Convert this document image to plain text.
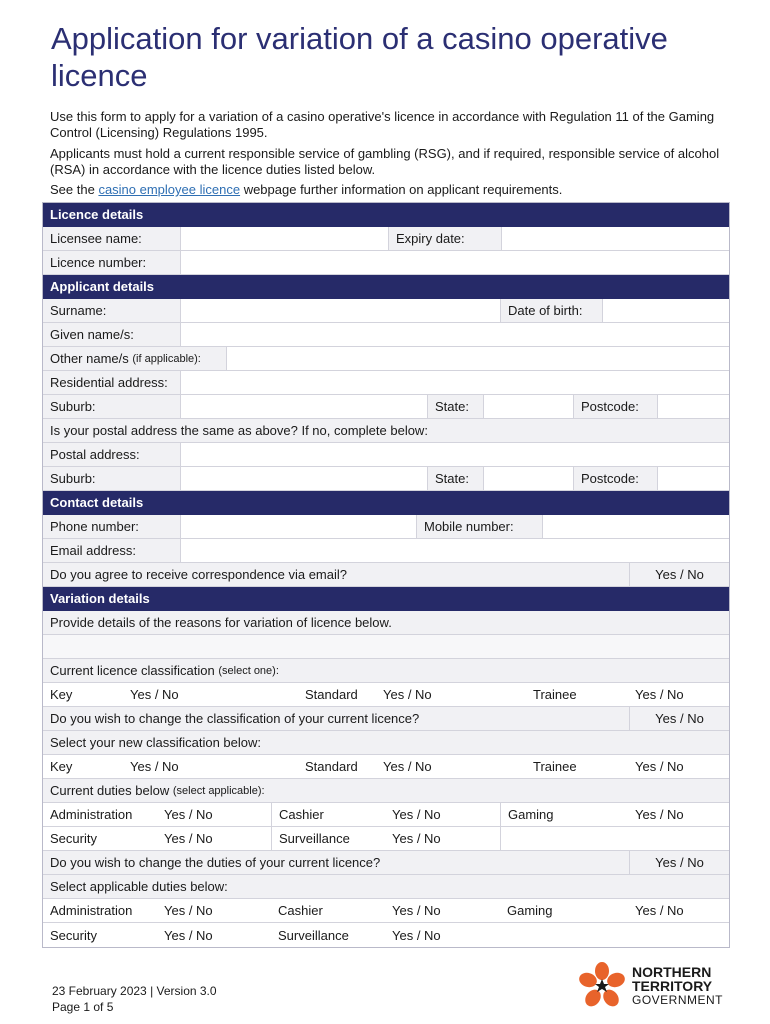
Application for variation of a casino operative licence

Use this form to apply for a variation of a casino operative's licence in accordance with Regulation 11 of the Gaming Control (Licensing) Regulations 1995.

Applicants must hold a current responsible service of gambling (RSG), and if required, responsible service of alcohol (RSA) in accordance with the licence duties listed below.

See the casino employee licence webpage further information on applicant requirements.

Licence details
Licensee name:	Expiry date:
Licence number:
Applicant details
Surname:	Date of birth:
Given name/s:
Other name/s
(if applicable):
Residential address:
Suburb:	State:	Postcode:
Is your postal address the same as above? If no, complete below:
Postal address:
Suburb:	State:	Postcode:
Contact details
Phone number:	Mobile number:
Email address:
Do you agree to receive correspondence via email?	Yes / No
Variation details
Provide details of the reasons for variation of licence below.
Current licence classification
(select one):
Key	Yes / No	Standard	Yes / No	Trainee	Yes / No
Do you wish to change the classification of your current licence?	Yes / No
Select your new classification below:
Key	Yes / No	Standard	Yes / No	Trainee	Yes / No
Current duties below
(select applicable):
Administration	Yes / No	Cashier	Yes / No	Gaming	Yes / No
Security	Yes / No	Surveillance	Yes / No
Do you wish to change the duties of your current licence?	Yes / No
Select applicable duties below:
Administration	Yes / No	Cashier	Yes / No	Gaming	Yes / No
Security	Yes / No	Surveillance	Yes / No
23 February 2023 | Version 3.0
Page 1 of 5
NORTHERN
TERRITORY
GOVERNMENT
